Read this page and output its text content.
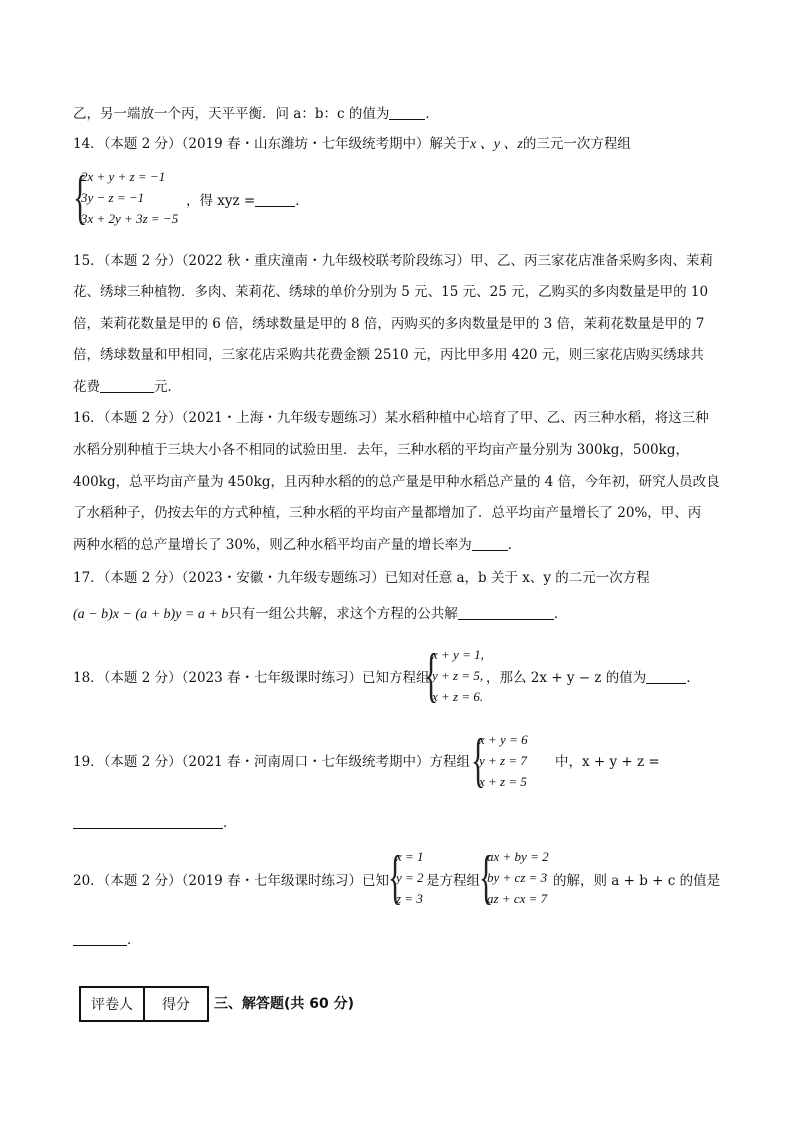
乙，另一端放一个丙，天平平衡．问 a：b：c 的值为	．
14．（本题 2 分）（2019 春・山东潍坊・七年级统考期中）解关于x 、y 、z的三元一次方程组
{
2x + y + z = −1
3y − z = −1
3x + 2y + 3z = −5
，得 xyz =	．
15．（本题 2 分）（2022 秋・重庆潼南・九年级校联考阶段练习）甲、乙、丙三家花店准备采购多肉、茉莉
花、绣球三种植物．多肉、茉莉花、绣球的单价分别为 5 元、15 元、25 元，乙购买的多肉数量是甲的 10
倍，茉莉花数量是甲的 6 倍，绣球数量是甲的 8 倍，丙购买的多肉数量是甲的 3 倍，茉莉花数量是甲的 7
倍，绣球数量和甲相同，三家花店采购共花费金额 2510 元，丙比甲多用 420 元，则三家花店购买绣球共
花费	元．
16．（本题 2 分）（2021・上海・九年级专题练习）某水稻种植中心培育了甲、乙、丙三种水稻，将这三种
水稻分别种植于三块大小各不相同的试验田里．去年，三种水稻的平均亩产量分别为 300kg，500kg，
400kg，总平均亩产量为 450kg，且丙种水稻的的总产量是甲种水稻总产量的 4 倍，今年初，研究人员改良
了水稻种子，仍按去年的方式种植，三种水稻的平均亩产量都增加了．总平均亩产量增长了 20%，甲、丙
两种水稻的总产量增长了 30%，则乙种水稻平均亩产量的增长率为	．
17．（本题 2 分）（2023・安徽・九年级专题练习）已知对任意 a，b 关于 x、y 的二元一次方程
(a − b)x − (a + b)y = a + b只有一组公共解，求这个方程的公共解	．
18．（本题 2 分）（2023 春・七年级课时练习）已知方程组
{
x + y = 1,
y + z = 5,
x + z = 6.
，那么 2x + y − z 的值为	．
19．（本题 2 分）（2021 春・河南周口・七年级统考期中）方程组 {
x + y = 6
y + z = 7
x + z = 5
中，x + y + z =
．
20．（本题 2 分）（2019 春・七年级课时练习）已知 {
x = 1
y = 2
z = 3
是方程组 {
ax + by = 2
by + cz = 3
az + cx = 7
的解，则 a + b + c 的值是
．
评卷人	得分 三、解答题(共 60 分)
